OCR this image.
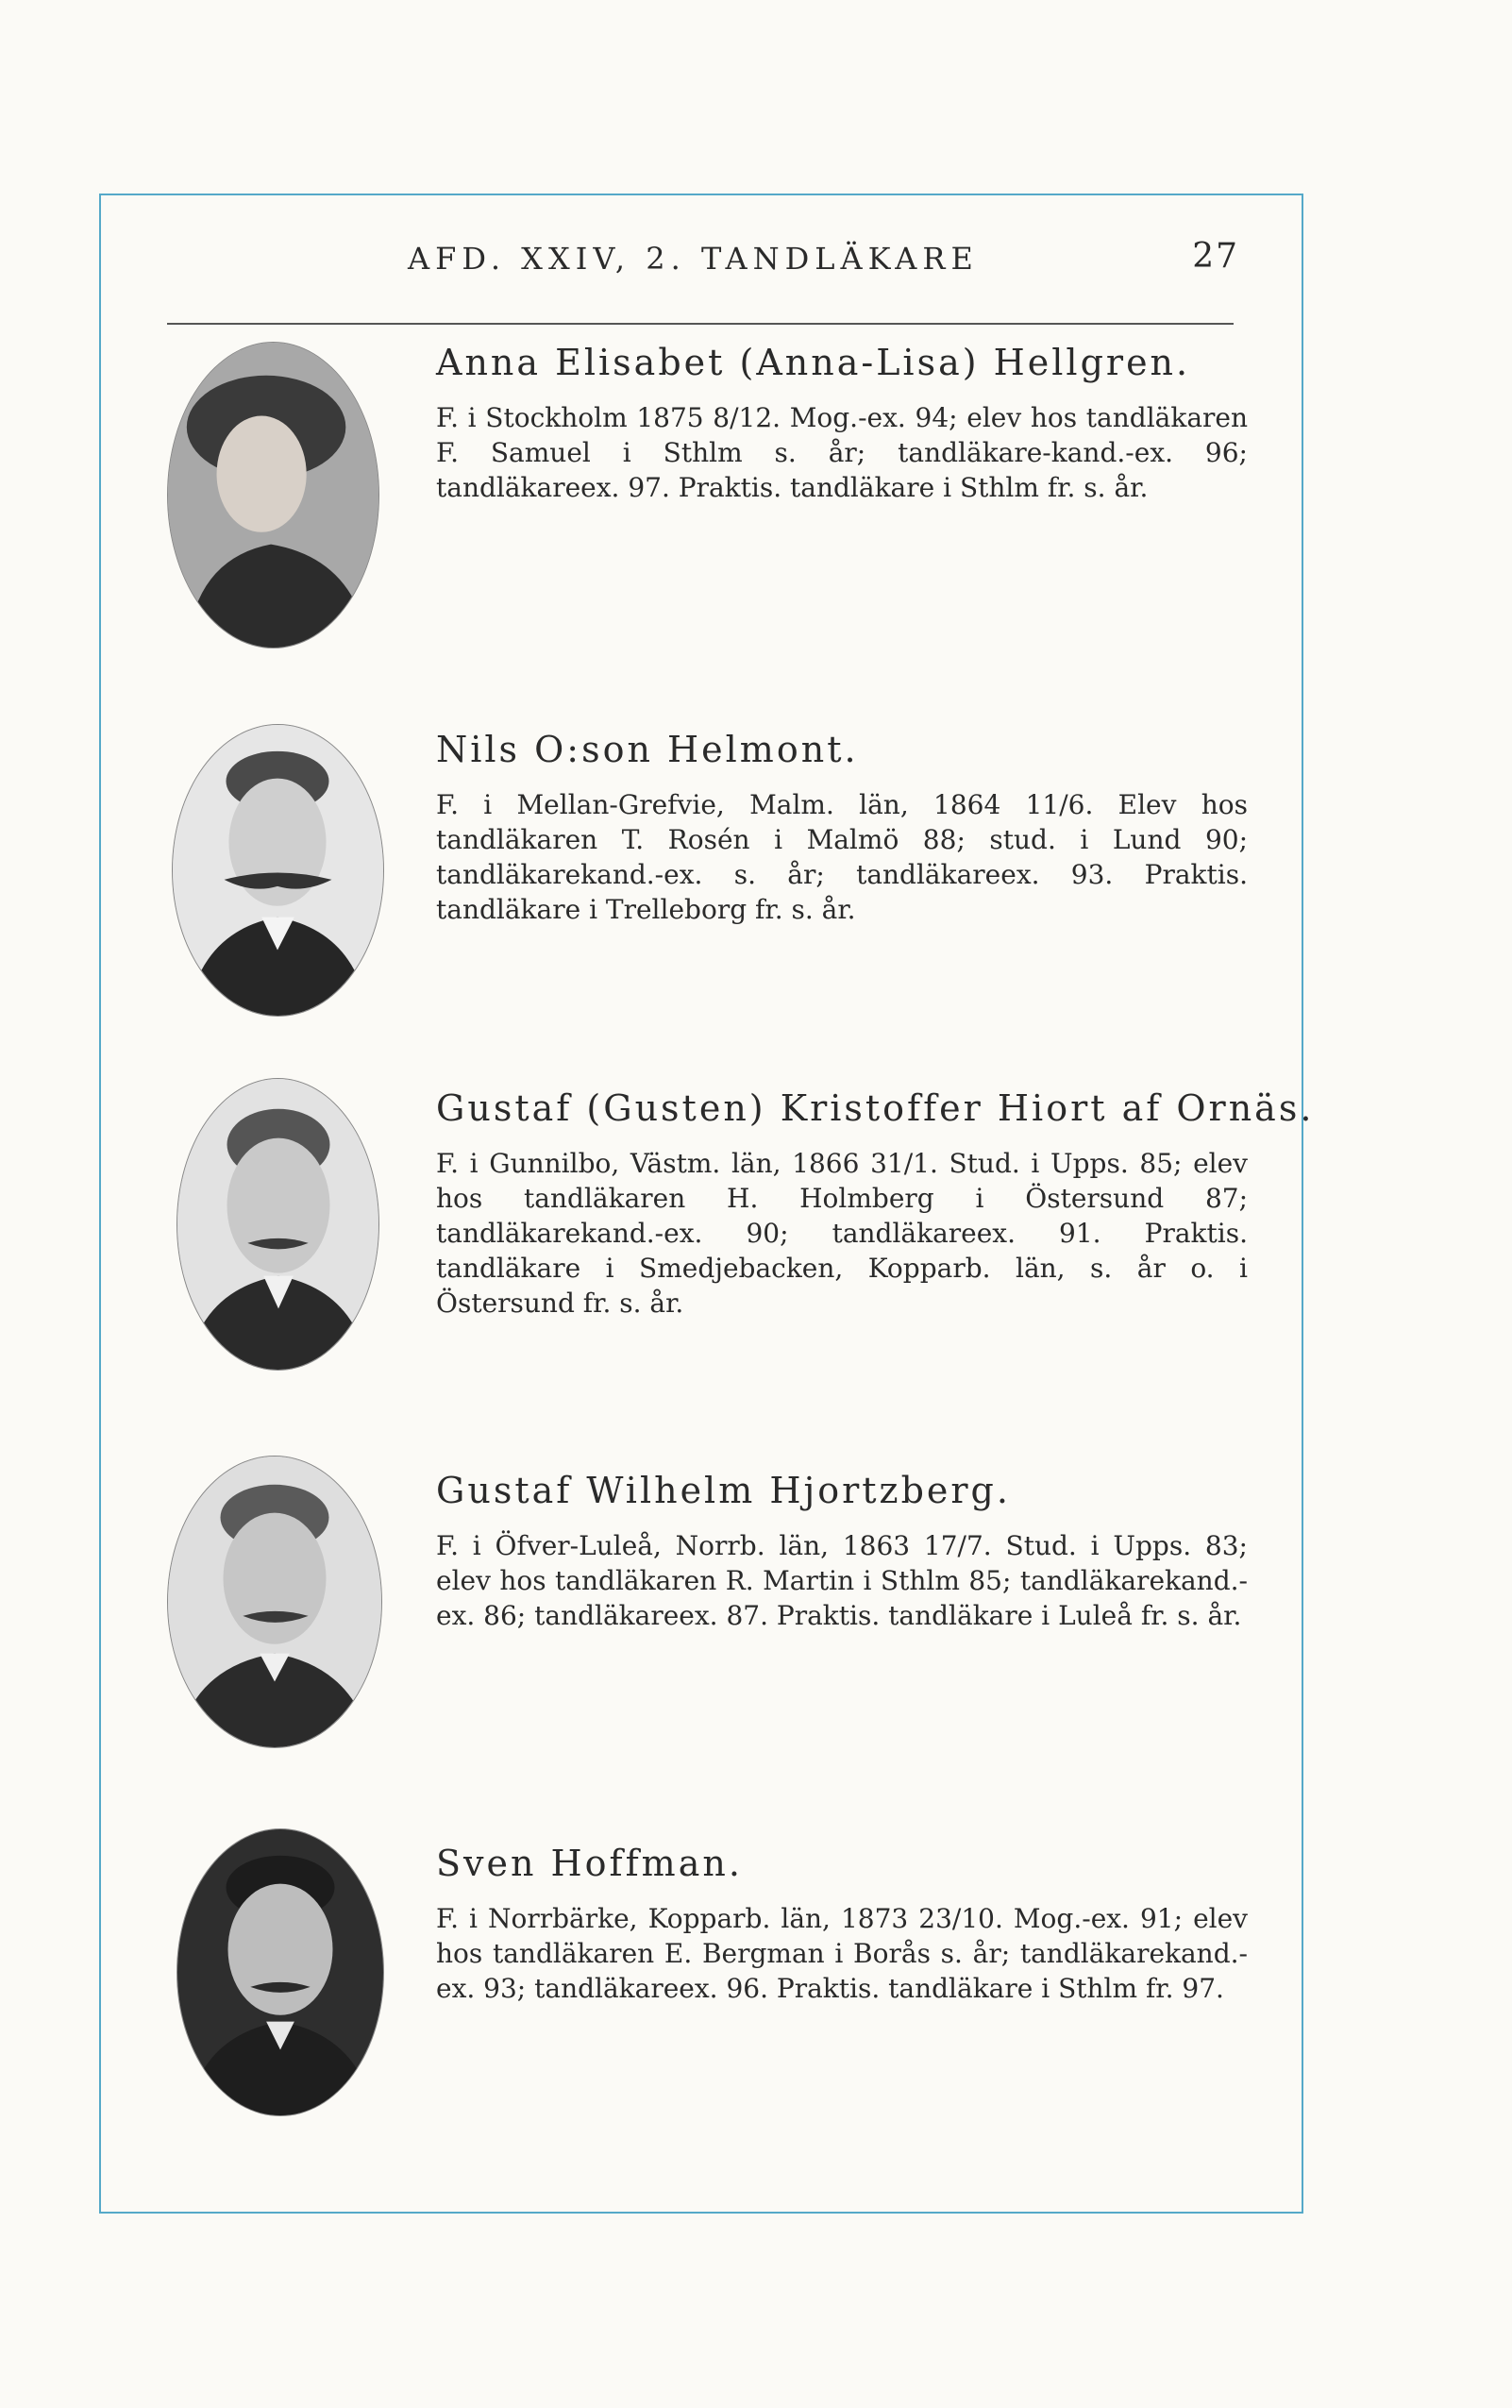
AFD. XXIV, 2. TANDLÄKARE	27
Anna Elisabet (Anna-Lisa) Hellgren.

F. i Stockholm 1875 8/12. Mog.-ex. 94; elev hos tandläkaren F. Samuel i Sthlm s. år; tandläkare-kand.-ex. 96; tandläkareex. 97. Praktis. tandläkare i Sthlm fr. s. år.

Nils O:son Helmont.

F. i Mellan-Grefvie, Malm. län, 1864 11/6. Elev hos tandläkaren T. Rosén i Malmö 88; stud. i Lund 90; tandläkarekand.-ex. s. år; tandläkareex. 93. Praktis. tandläkare i Trelleborg fr. s. år.

Gustaf (Gusten) Kristoffer Hiort af Ornäs.

F. i Gunnilbo, Västm. län, 1866 31/1. Stud. i Upps. 85; elev hos tandläkaren H. Holmberg i Östersund 87; tandläkarekand.-ex. 90; tandläkareex. 91. Praktis. tandläkare i Smedjebacken, Kopparb. län, s. år o. i Östersund fr. s. år.

Gustaf Wilhelm Hjortzberg.

F. i Öfver-Luleå, Norrb. län, 1863 17/7. Stud. i Upps. 83; elev hos tandläkaren R. Martin i Sthlm 85; tandläkarekand.-ex. 86; tandläkareex. 87. Praktis. tandläkare i Luleå fr. s. år.

Sven Hoffman.

F. i Norrbärke, Kopparb. län, 1873 23/10. Mog.-ex. 91; elev hos tandläkaren E. Bergman i Borås s. år; tandläkarekand.-ex. 93; tandläkareex. 96. Praktis. tandläkare i Sthlm fr. 97.
